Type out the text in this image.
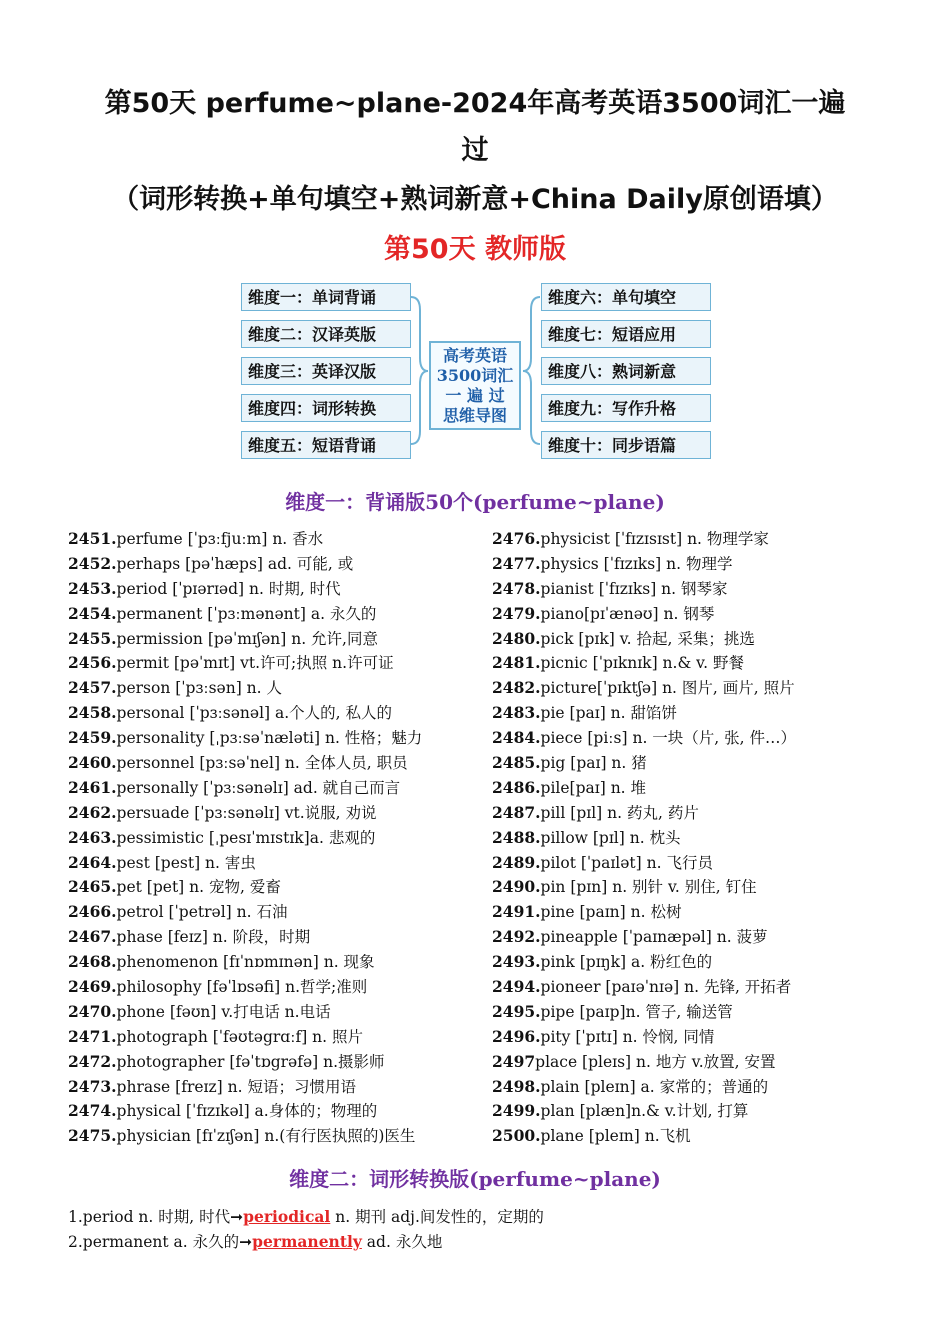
第50天 perfume~plane-2024年高考英语3500词汇一遍
过
（词形转换+单句填空+熟词新意+China Daily原创语填）
第50天 教师版
维度一：单词背诵
维度二：汉译英版
维度三：英译汉版
维度四：词形转换
维度五：短语背诵
高考英语
3500词汇
一 遍 过
思维导图
维度六：单句填空
维度七：短语应用
维度八：熟词新意
维度九：写作升格
维度十：同步语篇
维度一：背诵版50个(perfume~plane)
2451.perfume [ˈpɜːfjuːm] n. 香水
2452.perhaps [pəˈhæps] ad. 可能, 或
2453.period [ˈpɪərɪəd] n. 时期, 时代
2454.permanent [ˈpɜːmənənt] a. 永久的
2455.permission [pəˈmɪʃən] n. 允许,同意
2456.permit [pəˈmɪt] vt.许可;执照 n.许可证
2457.person [ˈpɜːsən] n. 人
2458.personal [ˈpɜːsənəl] a.个人的, 私人的
2459.personality [ˌpɜːsəˈnæləti] n. 性格；魅力
2460.personnel [pɜːsəˈnel] n. 全体人员, 职员
2461.personally [ˈpɜːsənəlɪ] ad. 就自己而言
2462.persuade [ˈpɜːsənəlɪ] vt.说服, 劝说
2463.pessimistic [ˌpesɪˈmɪstɪk]a. 悲观的
2464.pest [pest] n. 害虫
2465.pet [pet] n. 宠物, 爱畜
2466.petrol [ˈpetrəl] n. 石油
2467.phase [feɪz] n. 阶段，时期
2468.phenomenon [fɪˈnɒmɪnən] n. 现象
2469.philosophy [fəˈlɒsəfi] n.哲学;准则
2470.phone [fəʊn] v.打电话 n.电话
2471.photograph [ˈfəʊtəgrɑːf] n. 照片
2472.photographer [fəˈtɒgrəfə] n.摄影师
2473.phrase [freɪz] n. 短语；习惯用语
2474.physical [ˈfɪzɪkəl] a.身体的；物理的
2475.physician [fɪˈzɪʃən] n.(有行医执照的)医生
2476.physicist [ˈfɪzɪsɪst] n. 物理学家
2477.physics [ˈfɪzɪks] n. 物理学
2478.pianist [ˈfɪzɪks] n. 钢琴家
2479.piano[pɪˈænəʊ] n. 钢琴
2480.pick [pɪk] v. 拾起, 采集；挑选
2481.picnic [ˈpɪknɪk] n.& v. 野餐
2482.picture[ˈpɪktʃə] n. 图片, 画片, 照片
2483.pie [paɪ] n. 甜馅饼
2484.piece [piːs] n. 一块（片, 张, 件…）
2485.pig [paɪ] n. 猪
2486.pile[paɪ] n. 堆
2487.pill [pɪl] n. 药丸, 药片
2488.pillow [pɪl] n. 枕头
2489.pilot [ˈpaɪlət] n. 飞行员
2490.pin [pɪn] n. 别针 v. 别住, 钉住
2491.pine [paɪn] n. 松树
2492.pineapple [ˈpaɪnæpəl] n. 菠萝
2493.pink [pɪŋk] a. 粉红色的
2494.pioneer [paɪəˈnɪə] n. 先锋, 开拓者
2495.pipe [paɪp]n. 管子, 输送管
2496.pity [ˈpɪtɪ] n. 怜悯, 同情
2497place [pleɪs] n. 地方 v.放置, 安置
2498.plain [pleɪn] a. 家常的；普通的
2499.plan [plæn]n.& v.计划, 打算
2500.plane [pleɪn] n.飞机
维度二：词形转换版(perfume~plane)
1.period n. 时期, 时代➞periodical n. 期刊 adj.间发性的，定期的
2.permanent a. 永久的➞permanently ad. 永久地
